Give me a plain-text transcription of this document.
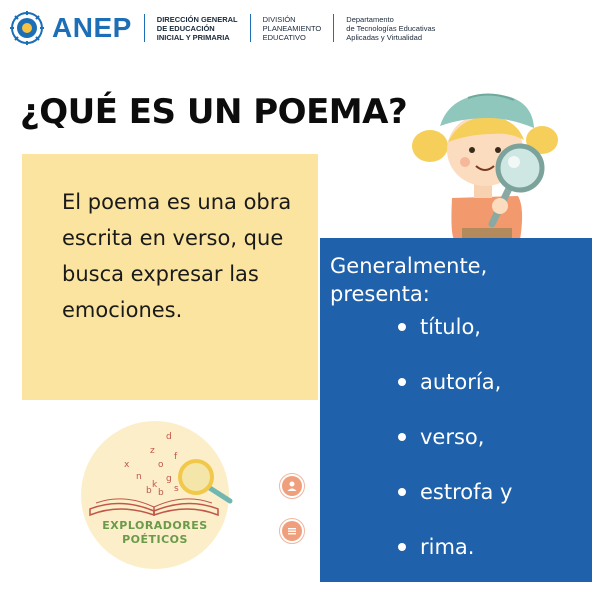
ANEP	DIRECCIÓN GENERAL
DE EDUCACIÓN
INICIAL Y PRIMARIA
DIVISIÓN
PLANEAMIENTO
EDUCATIVO
Departamento
de Tecnologías Educativas
Aplicadas y Virtualidad
¿QUÉ ES UN POEMA?
El poema es una obra
escrita en verso, que
busca expresar las
emociones.
Generalmente,
presenta:
título,
autoría,
verso,
estrofa y
rima.
d
z
x	o
f
n	g
k
b s
b
EXPLORADORES
POÉTICOS
